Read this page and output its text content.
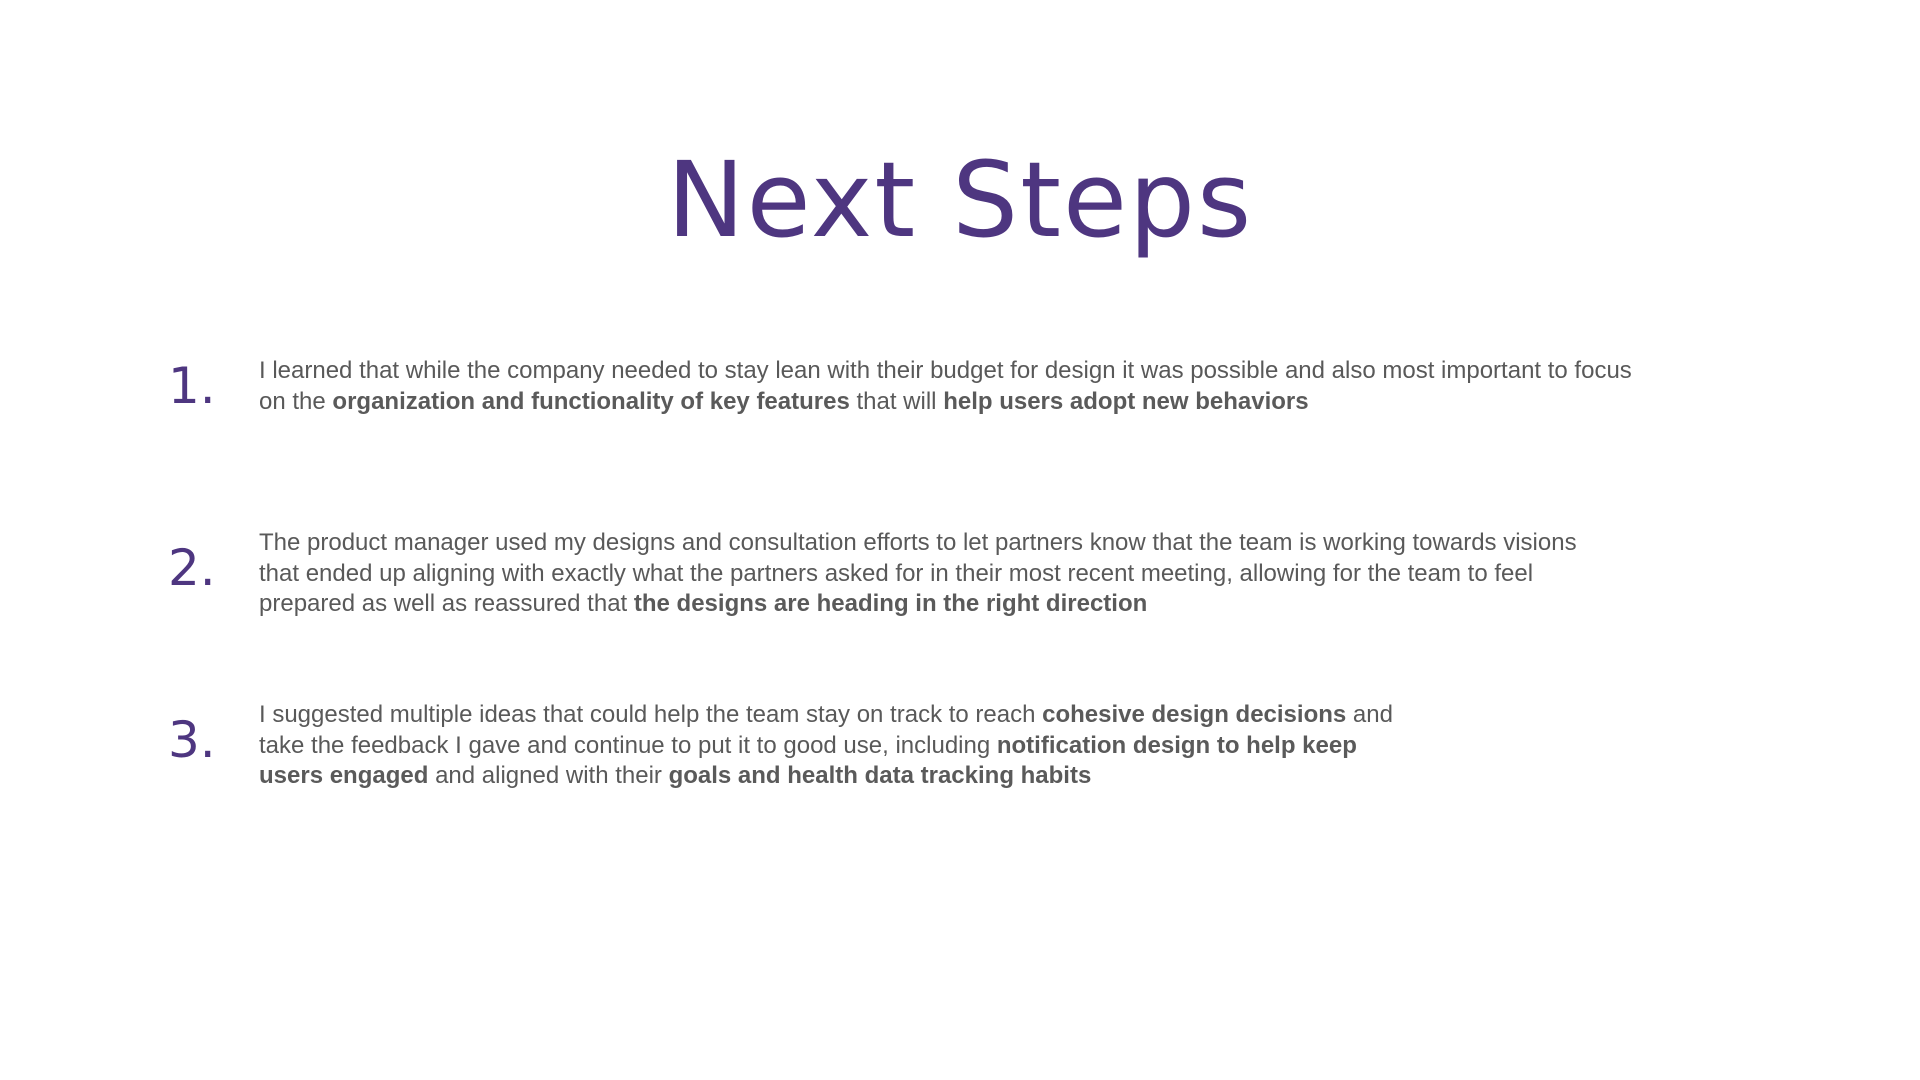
Next Steps
1.	I learned that while the company needed to stay lean with their budget for design it was possible and also most important to focus on the organization and functionality of key features that will help users adopt new behaviors
2.	The product manager used my designs and consultation efforts to let partners know that the team is working towards visions that ended up aligning with exactly what the partners asked for in their most recent meeting, allowing for the team to feel prepared as well as reassured that the designs are heading in the right direction
3.	I suggested multiple ideas that could help the team stay on track to reach cohesive design decisions and take the feedback I gave and continue to put it to good use, including notification design to help keep users engaged and aligned with their goals and health data tracking habits
